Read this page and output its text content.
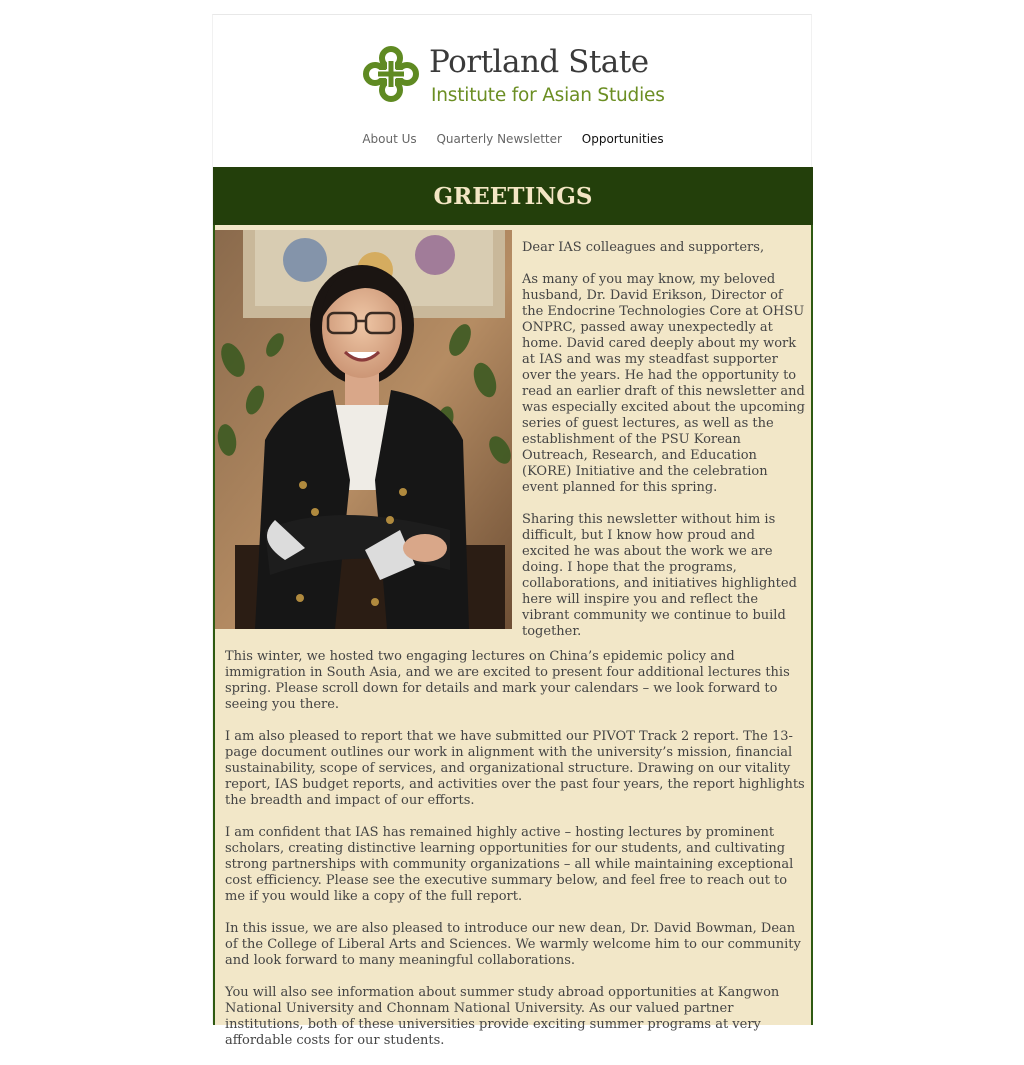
Portland State
Institute for Asian Studies
About Us Quarterly Newsletter Opportunities
GREETINGS

Dear IAS colleagues and supporters,

As many of you may know, my beloved husband, Dr. David Erikson, Director of the Endocrine Technologies Core at OHSU ONPRC, passed away unexpectedly at home. David cared deeply about my work at IAS and was my steadfast supporter over the years. He had the opportunity to read an earlier draft of this newsletter and was especially excited about the upcoming series of guest lectures, as well as the establishment of the PSU Korean Outreach, Research, and Education (KORE) Initiative and the celebration event planned for this spring.

Sharing this newsletter without him is difficult, but I know how proud and excited he was about the work we are doing. I hope that the programs, collaborations, and initiatives highlighted here will inspire you and reflect the vibrant community we continue to build together.

This winter, we hosted two engaging lectures on China’s epidemic policy and immigration in South Asia, and we are excited to present four additional lectures this spring. Please scroll down for details and mark your calendars – we look forward to seeing you there.

I am also pleased to report that we have submitted our PIVOT Track 2 report. The 13-page document outlines our work in alignment with the university’s mission, financial sustainability, scope of services, and organizational structure. Drawing on our vitality report, IAS budget reports, and activities over the past four years, the report highlights the breadth and impact of our efforts.

I am confident that IAS has remained highly active – hosting lectures by prominent scholars, creating distinctive learning opportunities for our students, and cultivating strong partnerships with community organizations – all while maintaining exceptional cost efficiency. Please see the executive summary below, and feel free to reach out to me if you would like a copy of the full report.

In this issue, we are also pleased to introduce our new dean, Dr. David Bowman, Dean of the College of Liberal Arts and Sciences. We warmly welcome him to our community and look forward to many meaningful collaborations.

You will also see information about summer study abroad opportunities at Kangwon National University and Chonnam National University. As our valued partner institutions, both of these universities provide exciting summer programs at very affordable costs for our students.
